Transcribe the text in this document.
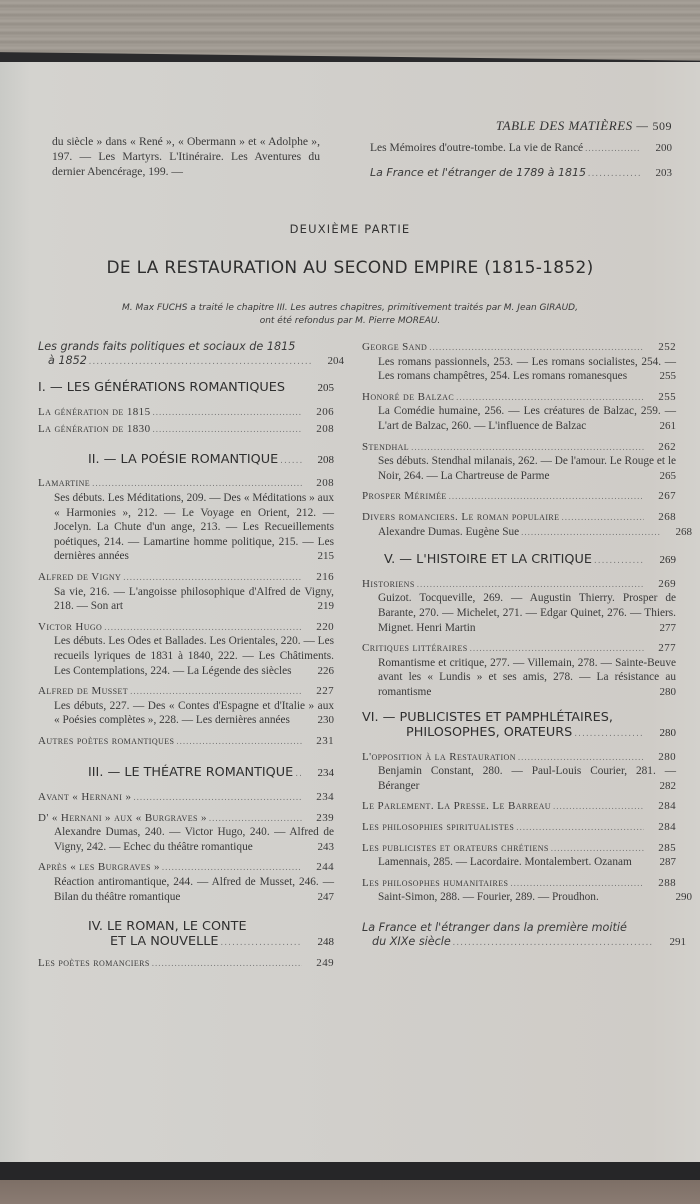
TABLE DES MATIÈRES — 509
du siècle » dans « René », « Obermann » et « Adolphe », 197. — Les Martyrs. L'Itinéraire. Les Aventures du dernier Abencérage, 199. —
Les Mémoires d'outre-tombe. La vie de Rancé .....	200
La France et l'étranger de 1789 à 1815 .....	203
DEUXIÈME PARTIE
DE LA RESTAURATION AU SECOND EMPIRE (1815-1852)
M. Max FUCHS a traité le chapitre III. Les autres chapitres, primitivement traités par M. Jean GIRAUD,
ont été refondus par M. Pierre MOREAU.
Les grands faits politiques et sociaux de 1815
à 1852 .....	204
I. — LES GÉNÉRATIONS ROMANTIQUES	205
La génération de 1815 .....	206
La génération de 1830 .....	208
II. — LA POÉSIE ROMANTIQUE .....	208
Lamartine .....	208
Ses débuts. Les Méditations, 209. — Des « Méditations » aux « Harmonies », 212. — Le Voyage en Orient, 212. — Jocelyn. La Chute d'un ange, 213. — Les Recueillements poétiques, 214. — Lamartine homme politique, 215. — Les dernières années	215
Alfred de Vigny .....	216
Sa vie, 216. — L'angoisse philosophique d'Alfred de Vigny, 218. — Son art	219
Victor Hugo .....	220
Les débuts. Les Odes et Ballades. Les Orientales, 220. — Les recueils lyriques de 1831 à 1840, 222. — Les Châtiments. Les Contemplations, 224. — La Légende des siècles	226
Alfred de Musset .....	227
Les débuts, 227. — Des « Contes d'Espagne et d'Italie » aux « Poésies complètes », 228. — Les dernières années	230
Autres poètes romantiques .....	231
III. — LE THÉATRE ROMANTIQUE .....	234
Avant « Hernani » .....	234
D' « Hernani » aux « Burgraves » .....	239
Alexandre Dumas, 240. — Victor Hugo, 240. — Alfred de Vigny, 242. — Echec du théâtre romantique	243
Après « les Burgraves » .....	244
Réaction antiromantique, 244. — Alfred de Musset, 246. — Bilan du théâtre romantique	247
IV. LE ROMAN, LE CONTE
ET LA NOUVELLE .....	248
Les poètes romanciers .....	249
George Sand .....	252
Les romans passionnels, 253. — Les romans socialistes, 254. — Les romans champêtres, 254. Les romans romanesques	255
Honoré de Balzac .....	255
La Comédie humaine, 256. — Les créatures de Balzac, 259. — L'art de Balzac, 260. — L'influence de Balzac	261
Stendhal .....	262
Ses débuts. Stendhal milanais, 262. — De l'amour. Le Rouge et le Noir, 264. — La Chartreuse de Parme	265
Prosper Mérimée .....	267
Divers romanciers. Le roman populaire .....	268
Alexandre Dumas. Eugène Sue .....	268
V. — L'HISTOIRE ET LA CRITIQUE .....	269
Historiens .....	269
Guizot. Tocqueville, 269. — Augustin Thierry. Prosper de Barante, 270. — Michelet, 271. — Edgar Quinet, 276. — Thiers. Mignet. Henri Martin	277
Critiques littéraires .....	277
Romantisme et critique, 277. — Villemain, 278. — Sainte-Beuve avant les « Lundis » et ses amis, 278. — La résistance au romantisme	280
VI. — PUBLICISTES ET PAMPHLÉTAIRES,
PHILOSOPHES, ORATEURS .....	280
L'opposition à la Restauration .....	280
Benjamin Constant, 280. — Paul-Louis Courier, 281. — Béranger	282
Le Parlement. La Presse. Le Barreau .....	284
Les philosophies spiritualistes .....	284
Les publicistes et orateurs chrétiens .....	285
Lamennais, 285. — Lacordaire. Montalembert. Ozanam	287
Les philosophes humanitaires .....	288
Saint-Simon, 288. — Fourier, 289. — Proudhon.	290
La France et l'étranger dans la première moitié
du XIXe siècle .....	291
